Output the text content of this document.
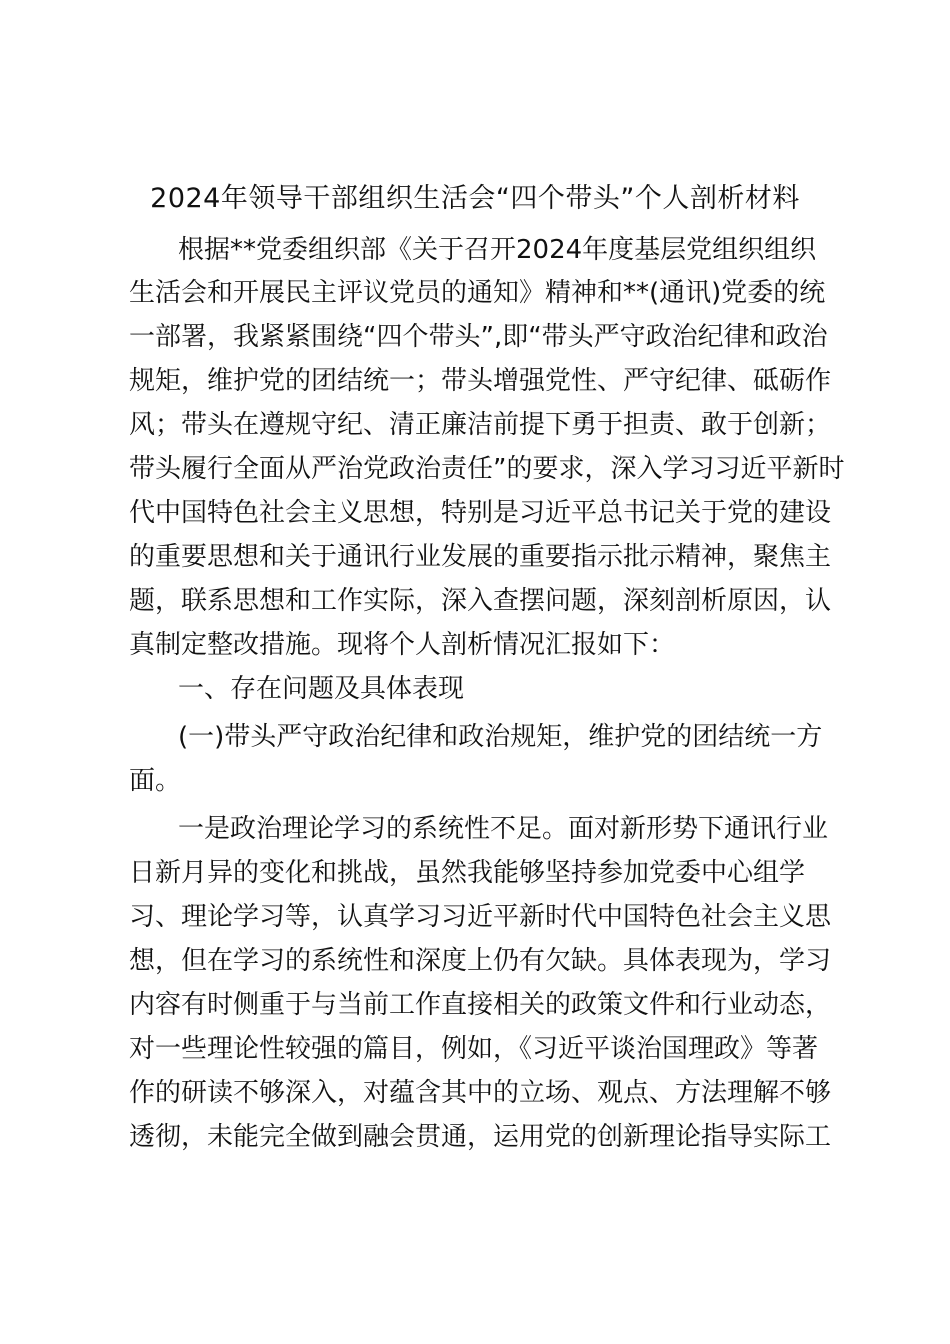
2024年领导干部组织生活会“四个带头”个人剖析材料

根据**党委组织部《关于召开2024年度基层党组织组织

生活会和开展民主评议党员的通知》精神和**(通讯)党委的统

一部署，我紧紧围绕“四个带头”,即“带头严守政治纪律和政治

规矩，维护党的团结统一；带头增强党性、严守纪律、砥砺作

风；带头在遵规守纪、清正廉洁前提下勇于担责、敢于创新；

带头履行全面从严治党政治责任”的要求，深入学习习近平新时

代中国特色社会主义思想，特别是习近平总书记关于党的建设

的重要思想和关于通讯行业发展的重要指示批示精神，聚焦主

题，联系思想和工作实际，深入查摆问题，深刻剖析原因，认

真制定整改措施。现将个人剖析情况汇报如下：

一、存在问题及具体表现

(一)带头严守政治纪律和政治规矩，维护党的团结统一方

面。

一是政治理论学习的系统性不足。面对新形势下通讯行业

日新月异的变化和挑战，虽然我能够坚持参加党委中心组学

习、理论学习等，认真学习习近平新时代中国特色社会主义思

想，但在学习的系统性和深度上仍有欠缺。具体表现为，学习

内容有时侧重于与当前工作直接相关的政策文件和行业动态，

对一些理论性较强的篇目，例如，《习近平谈治国理政》等著

作的研读不够深入，对蕴含其中的立场、观点、方法理解不够

透彻，未能完全做到融会贯通，运用党的创新理论指导实际工
